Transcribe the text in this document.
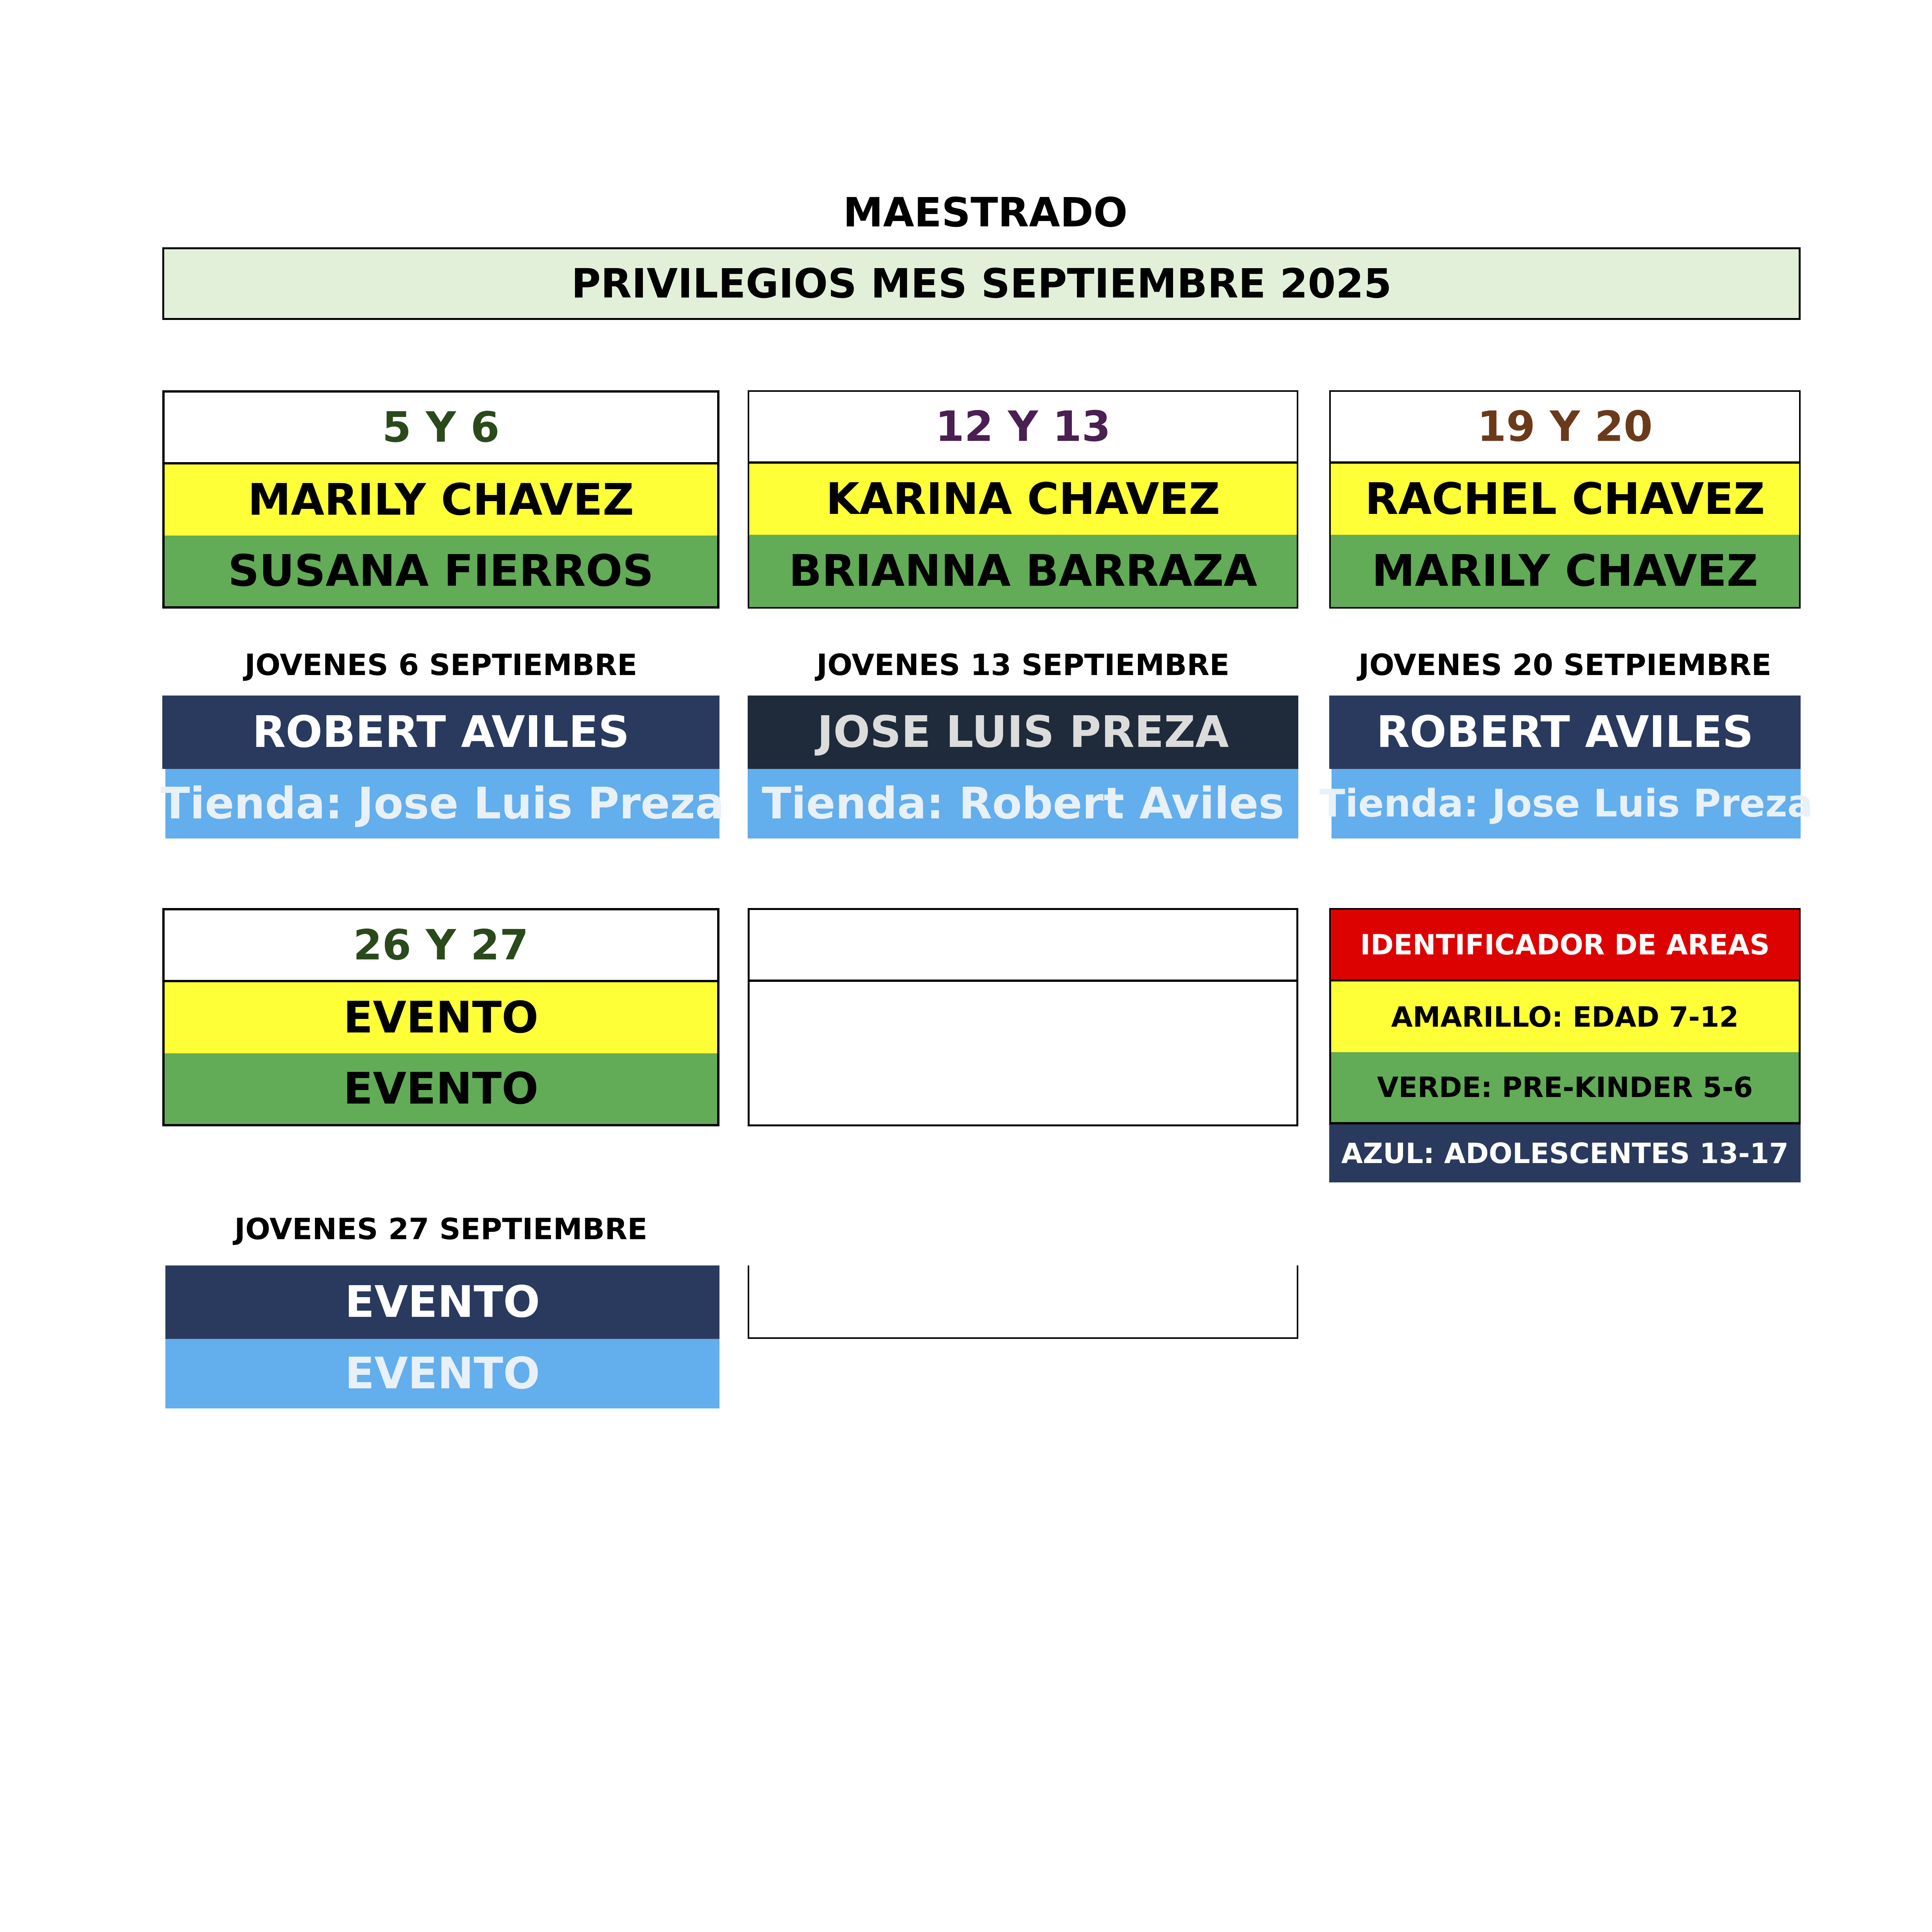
MAESTRADO
PRIVILEGIOS MES SEPTIEMBRE 2025
5 Y 6
MARILY CHAVEZ
SUSANA FIERROS
12 Y 13
KARINA CHAVEZ
BRIANNA BARRAZA
19 Y 20
RACHEL CHAVEZ
MARILY CHAVEZ
JOVENES 6 SEPTIEMBRE	JOVENES 13 SEPTIEMBRE	JOVENES 20 SETPIEMBRE
ROBERT AVILES
Tienda: Jose Luis Preza
JOSE LUIS PREZA
Tienda: Robert Aviles
ROBERT AVILES
Tienda: Jose Luis Preza
26 Y 27
EVENTO
EVENTO
IDENTIFICADOR DE AREAS
AMARILLO: EDAD 7-12
VERDE: PRE-KINDER 5-6
AZUL: ADOLESCENTES 13-17
JOVENES 27 SEPTIEMBRE
EVENTO
EVENTO
